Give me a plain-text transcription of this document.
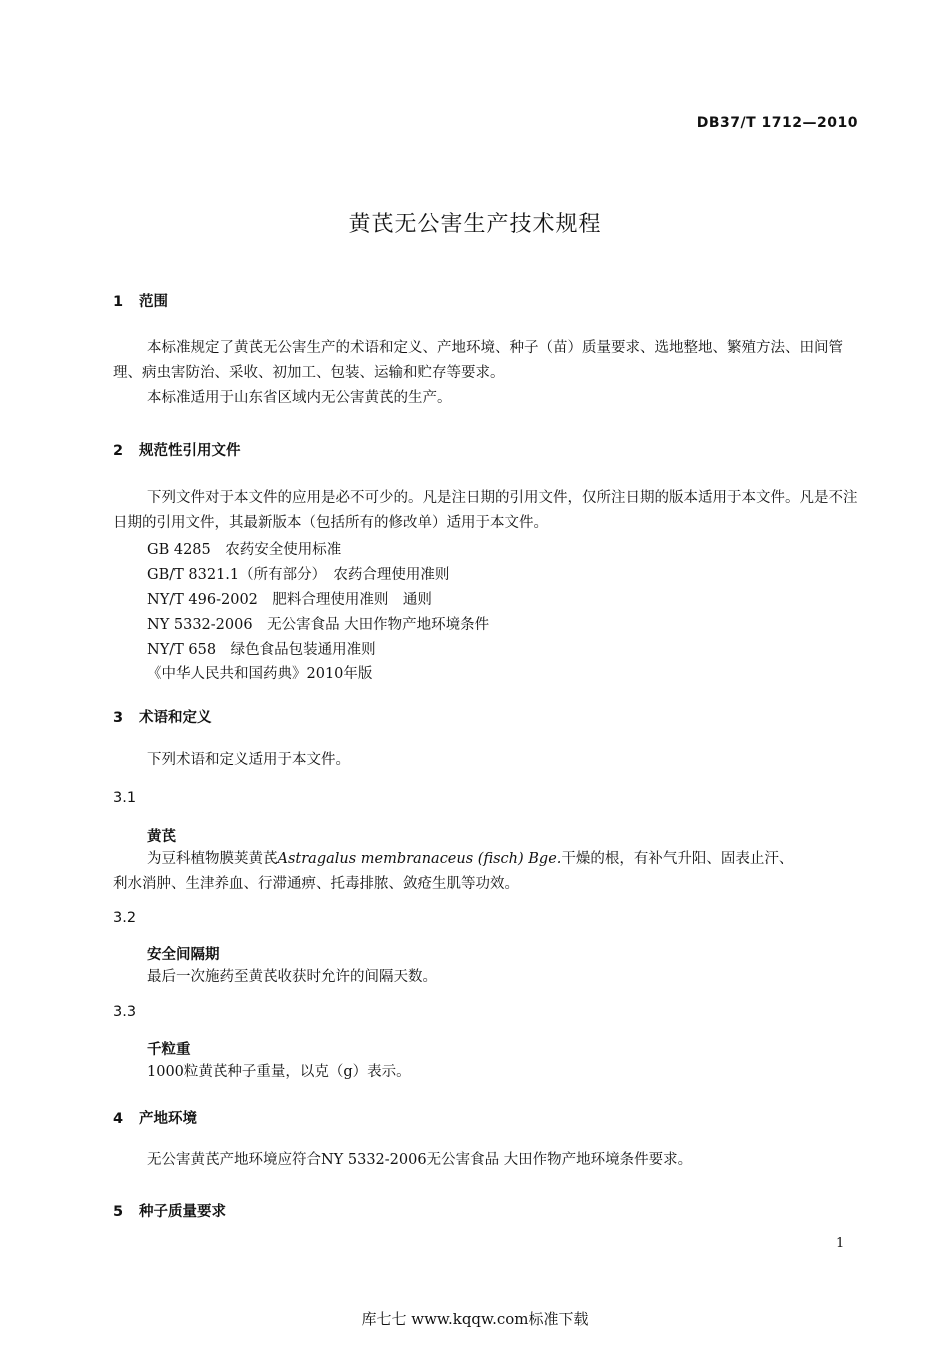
DB37/T 1712—2010
黄芪无公害生产技术规程
1 范围
本标准规定了黄芪无公害生产的术语和定义、产地环境、种子（苗）质量要求、选地整地、繁殖方法、田间管理、病虫害防治、采收、初加工、包装、运输和贮存等要求。
本标准适用于山东省区域内无公害黄芪的生产。
2 规范性引用文件
下列文件对于本文件的应用是必不可少的。凡是注日期的引用文件，仅所注日期的版本适用于本文件。凡是不注日期的引用文件，其最新版本（包括所有的修改单）适用于本文件。
GB 4285　农药安全使用标准
GB/T 8321.1（所有部分）　农药合理使用准则
NY/T 496-2002　肥料合理使用准则　通则
NY 5332-2006　无公害食品 大田作物产地环境条件
NY/T 658　绿色食品包装通用准则
《中华人民共和国药典》2010年版
3 术语和定义
下列术语和定义适用于本文件。
3.1
黄芪
为豆科植物膜荚黄芪Astragalus membranaceus (fisch) Bge.干燥的根，有补气升阳、固表止汗、
利水消肿、生津养血、行滞通痹、托毒排脓、敛疮生肌等功效。
3.2
安全间隔期
最后一次施药至黄芪收获时允许的间隔天数。
3.3
千粒重
1000粒黄芪种子重量，以克（g）表示。
4 产地环境
无公害黄芪产地环境应符合NY 5332-2006无公害食品 大田作物产地环境条件要求。
5 种子质量要求
1
库七七 www.kqqw.com标准下载
